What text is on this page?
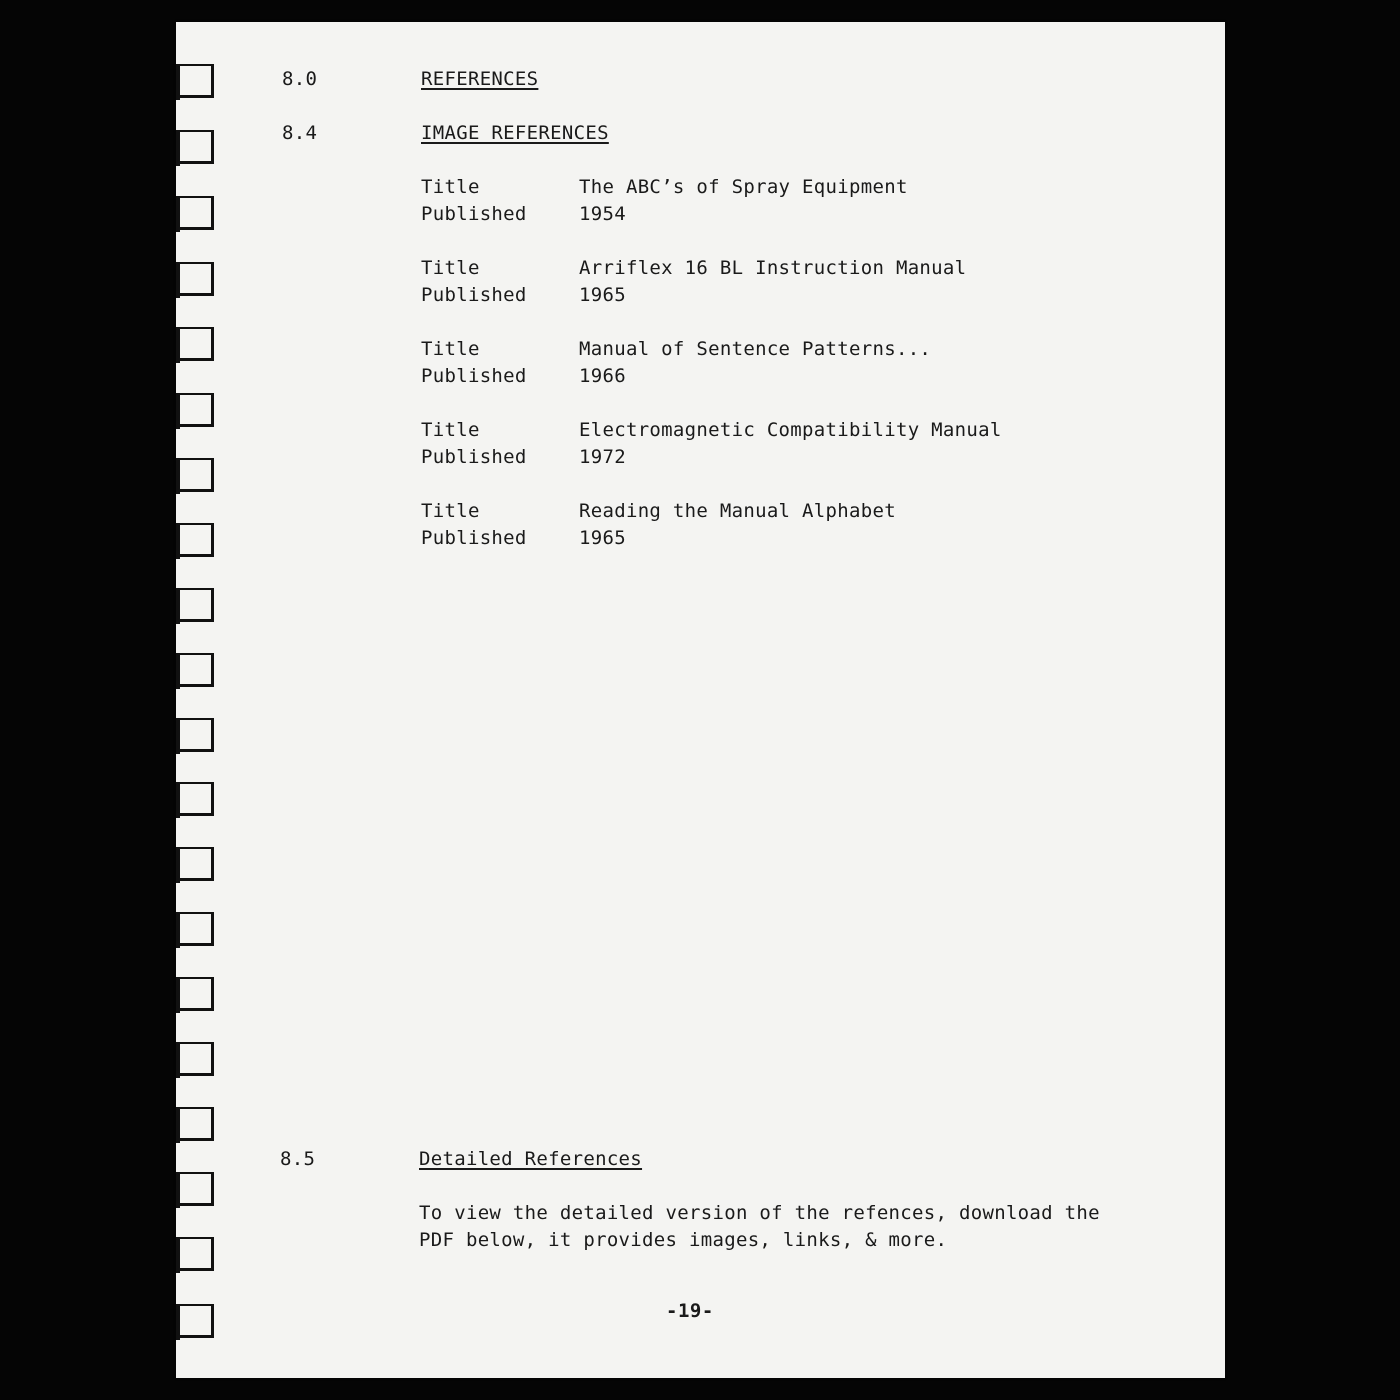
8.0	REFERENCES
8.4	IMAGE REFERENCES
Title	The ABC’s of Spray Equipment
Published	1954
Title	Arriflex 16 BL Instruction Manual
Published	1965
Title	Manual of Sentence Patterns...
Published	1966
Title	Electromagnetic Compatibility Manual
Published	1972
Title	Reading the Manual Alphabet
Published	1965
8.5	Detailed References
To view the detailed version of the refences, download the
PDF below, it provides images, links, & more.
-19-
